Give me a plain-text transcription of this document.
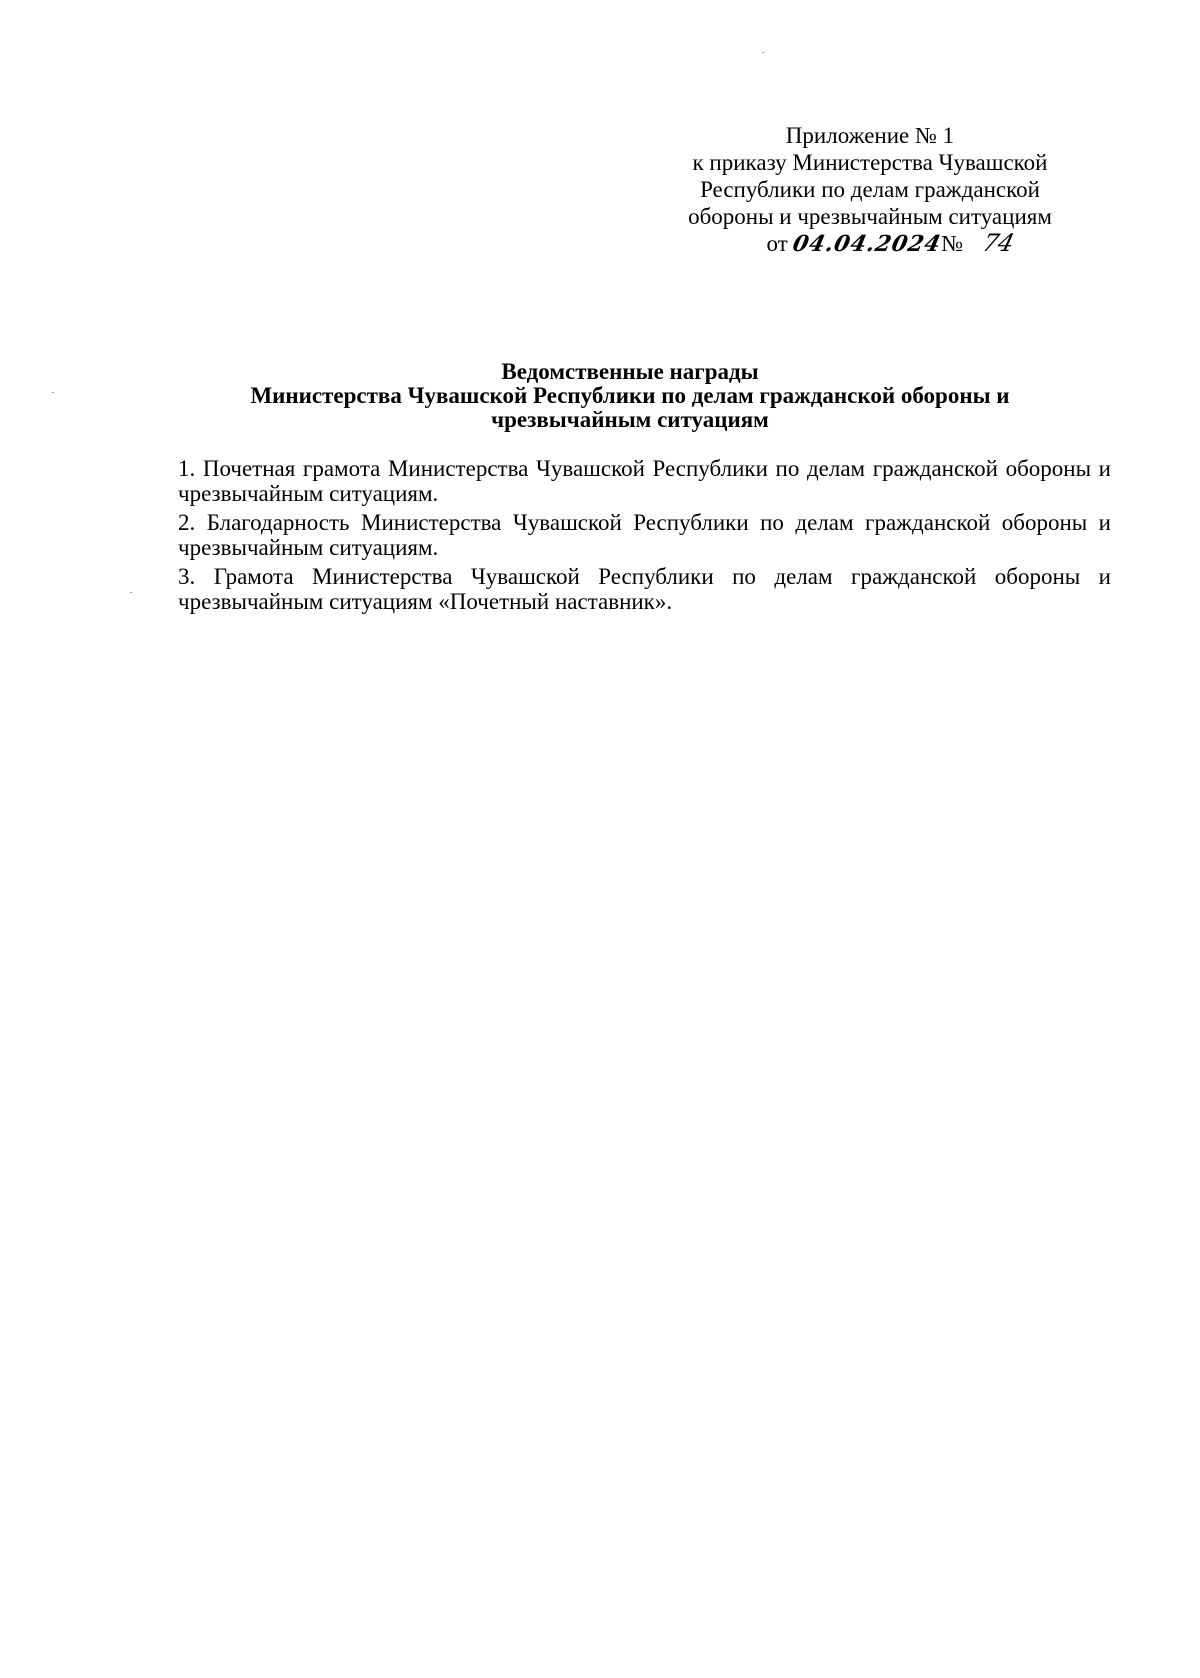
Приложение № 1
к приказу Министерства Чувашской
Республики по делам гражданской
обороны и чрезвычайным ситуациям
от 04.04.2024№ 74
Ведомственные награды
Министерства Чувашской Республики по делам гражданской обороны и
чрезвычайным ситуациям

1. Почетная грамота Министерства Чувашской Республики по делам гражданской обороны и чрезвычайным ситуациям.

2. Благодарность Министерства Чувашской Республики по делам гражданской обороны и чрезвычайным ситуациям.

3. Грамота Министерства Чувашской Республики по делам гражданской обороны и чрезвычайным ситуациям «Почетный наставник».
